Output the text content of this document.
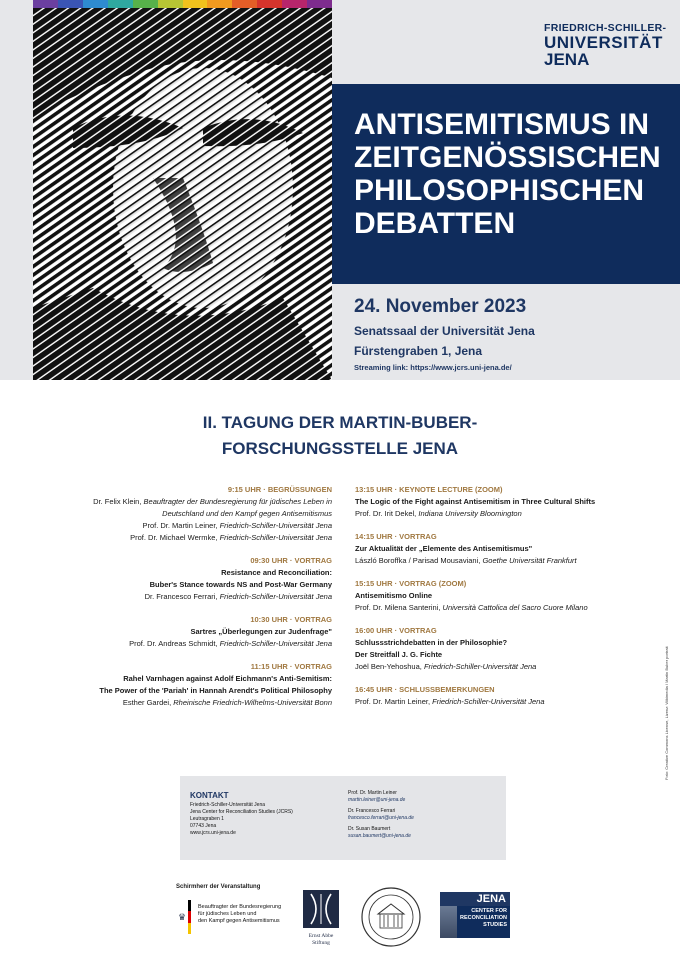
FRIEDRICH-SCHILLER-
UNIVERSITÄT
JENA
ANTISEMITISMUS IN
ZEITGENÖSSISCHEN
PHILOSOPHISCHEN
DEBATTEN
24. November 2023
Senatssaal der Universität Jena
Fürstengraben 1, Jena
Streaming link: https://www.jcrs.uni-jena.de/
II. TAGUNG DER MARTIN-BUBER-
FORSCHUNGSSTELLE JENA
9:15 UHR · BEGRÜSSUNGEN
Dr. Felix Klein, Beauftragter der Bundesregierung für jüdisches Leben in
Deutschland und den Kampf gegen Antisemitismus
Prof. Dr. Martin Leiner, Friedrich-Schiller-Universität Jena
Prof. Dr. Michael Wermke, Friedrich-Schiller-Universität Jena
09:30 UHR · VORTRAG
Resistance and Reconciliation:
Buber's Stance towards NS and Post-War Germany
Dr. Francesco Ferrari, Friedrich-Schiller-Universität Jena
10:30 UHR · VORTRAG
Sartres „Überlegungen zur Judenfrage"
Prof. Dr. Andreas Schmidt, Friedrich-Schiller-Universität Jena
11:15 UHR · VORTRAG
Rahel Varnhagen against Adolf Eichmann's Anti-Semitism:
The Power of the 'Pariah' in Hannah Arendt's Political Philosophy
Esther Gardei, Rheinische Friedrich-Wilhelms-Universität Bonn
13:15 UHR · KEYNOTE LECTURE (ZOOM)
The Logic of the Fight against Antisemitism in Three Cultural Shifts
Prof. Dr. Irit Dekel, Indiana University Bloomington
14:15 UHR · VORTRAG
Zur Aktualität der „Elemente des Antisemitismus"
László Boroffka / Parisad Mousaviani, Goethe Universität Frankfurt
15:15 UHR · VORTRAG (ZOOM)
Antisemitismo Online
Prof. Dr. Milena Santerini, Università Cattolica del Sacro Cuore Milano
16:00 UHR · VORTRAG
Schlussstrichdebatten in der Philosophie?
Der Streitfall J. G. Fichte
Joël Ben-Yehoshua, Friedrich-Schiller-Universität Jena
16:45 UHR · SCHLUSSBEMERKUNGEN
Prof. Dr. Martin Leiner, Friedrich-Schiller-Universität Jena	Foto: Creative Commons License, Lizenz: Wikimedia / Martin Buber portrait
KONTAKT
Friedrich-Schiller-Universität Jena
Jena Center for Reconciliation Studies (JCRS)
Leutragraben 1
07743 Jena
www.jcrs.uni-jena.de
Prof. Dr. Martin Leiner
martin.leiner@uni-jena.de
Dr. Francesco Ferrari
francesco.ferrari@uni-jena.de
Dr. Susan Baumert
susan.baumert@uni-jena.de
Schirmherr der Veranstaltung
♛
Beauftragter der Bundesregierung
für jüdisches Leben und
den Kampf gegen Antisemitismus
Ernst Abbe
Stiftung
JENA
CENTER FOR
RECONCILIATION
STUDIES
